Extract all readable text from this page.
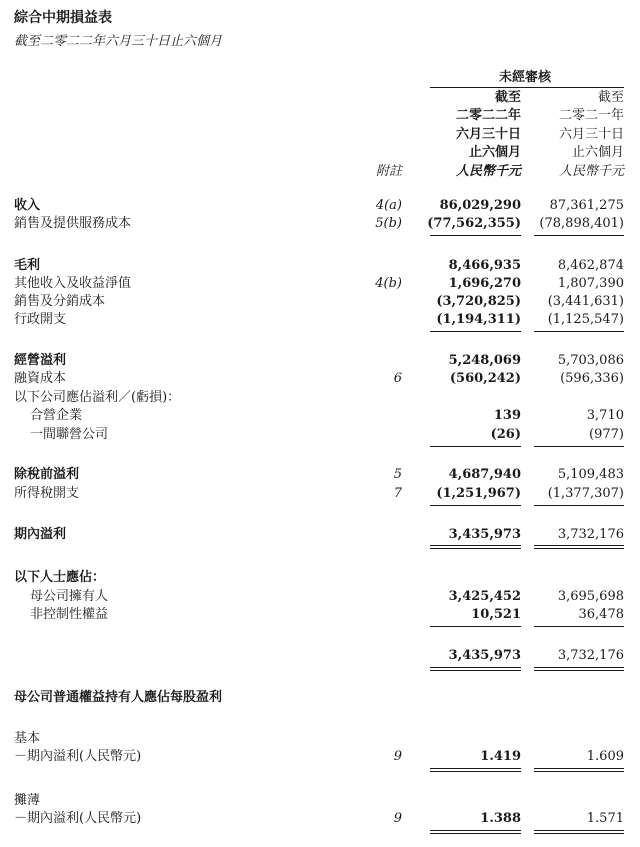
綜合中期損益表
截至二零二二年六月三十日止六個月
未經審核
截至
二零二二年
六月三十日
止六個月
人民幣千元
截至
二零二一年
六月三十日
止六個月
人民幣千元
附註
收入	4(a)	86,029,290	87,361,275
銷售及提供服務成本	5(b)	(77,562,355)	(78,898,401)
毛利	8,466,935	8,462,874
其他收入及收益淨值	4(b)	1,696,270	1,807,390
銷售及分銷成本	(3,720,825)	(3,441,631)
行政開支	(1,194,311)	(1,125,547)
經營溢利	5,248,069	5,703,086
融資成本	6	(560,242)	(596,336)
以下公司應佔溢利／(虧損)：
合營企業	139	3,710
一間聯營公司	(26)	(977)
除稅前溢利	5	4,687,940	5,109,483
所得稅開支	7	(1,251,967)	(1,377,307)
期內溢利	3,435,973	3,732,176
以下人士應佔：
母公司擁有人	3,425,452	3,695,698
非控制性權益	10,521	36,478
3,435,973	3,732,176
母公司普通權益持有人應佔每股盈利
基本
－期內溢利(人民幣元)	9	1.419	1.609
攤薄
－期內溢利(人民幣元)	9	1.388	1.571
